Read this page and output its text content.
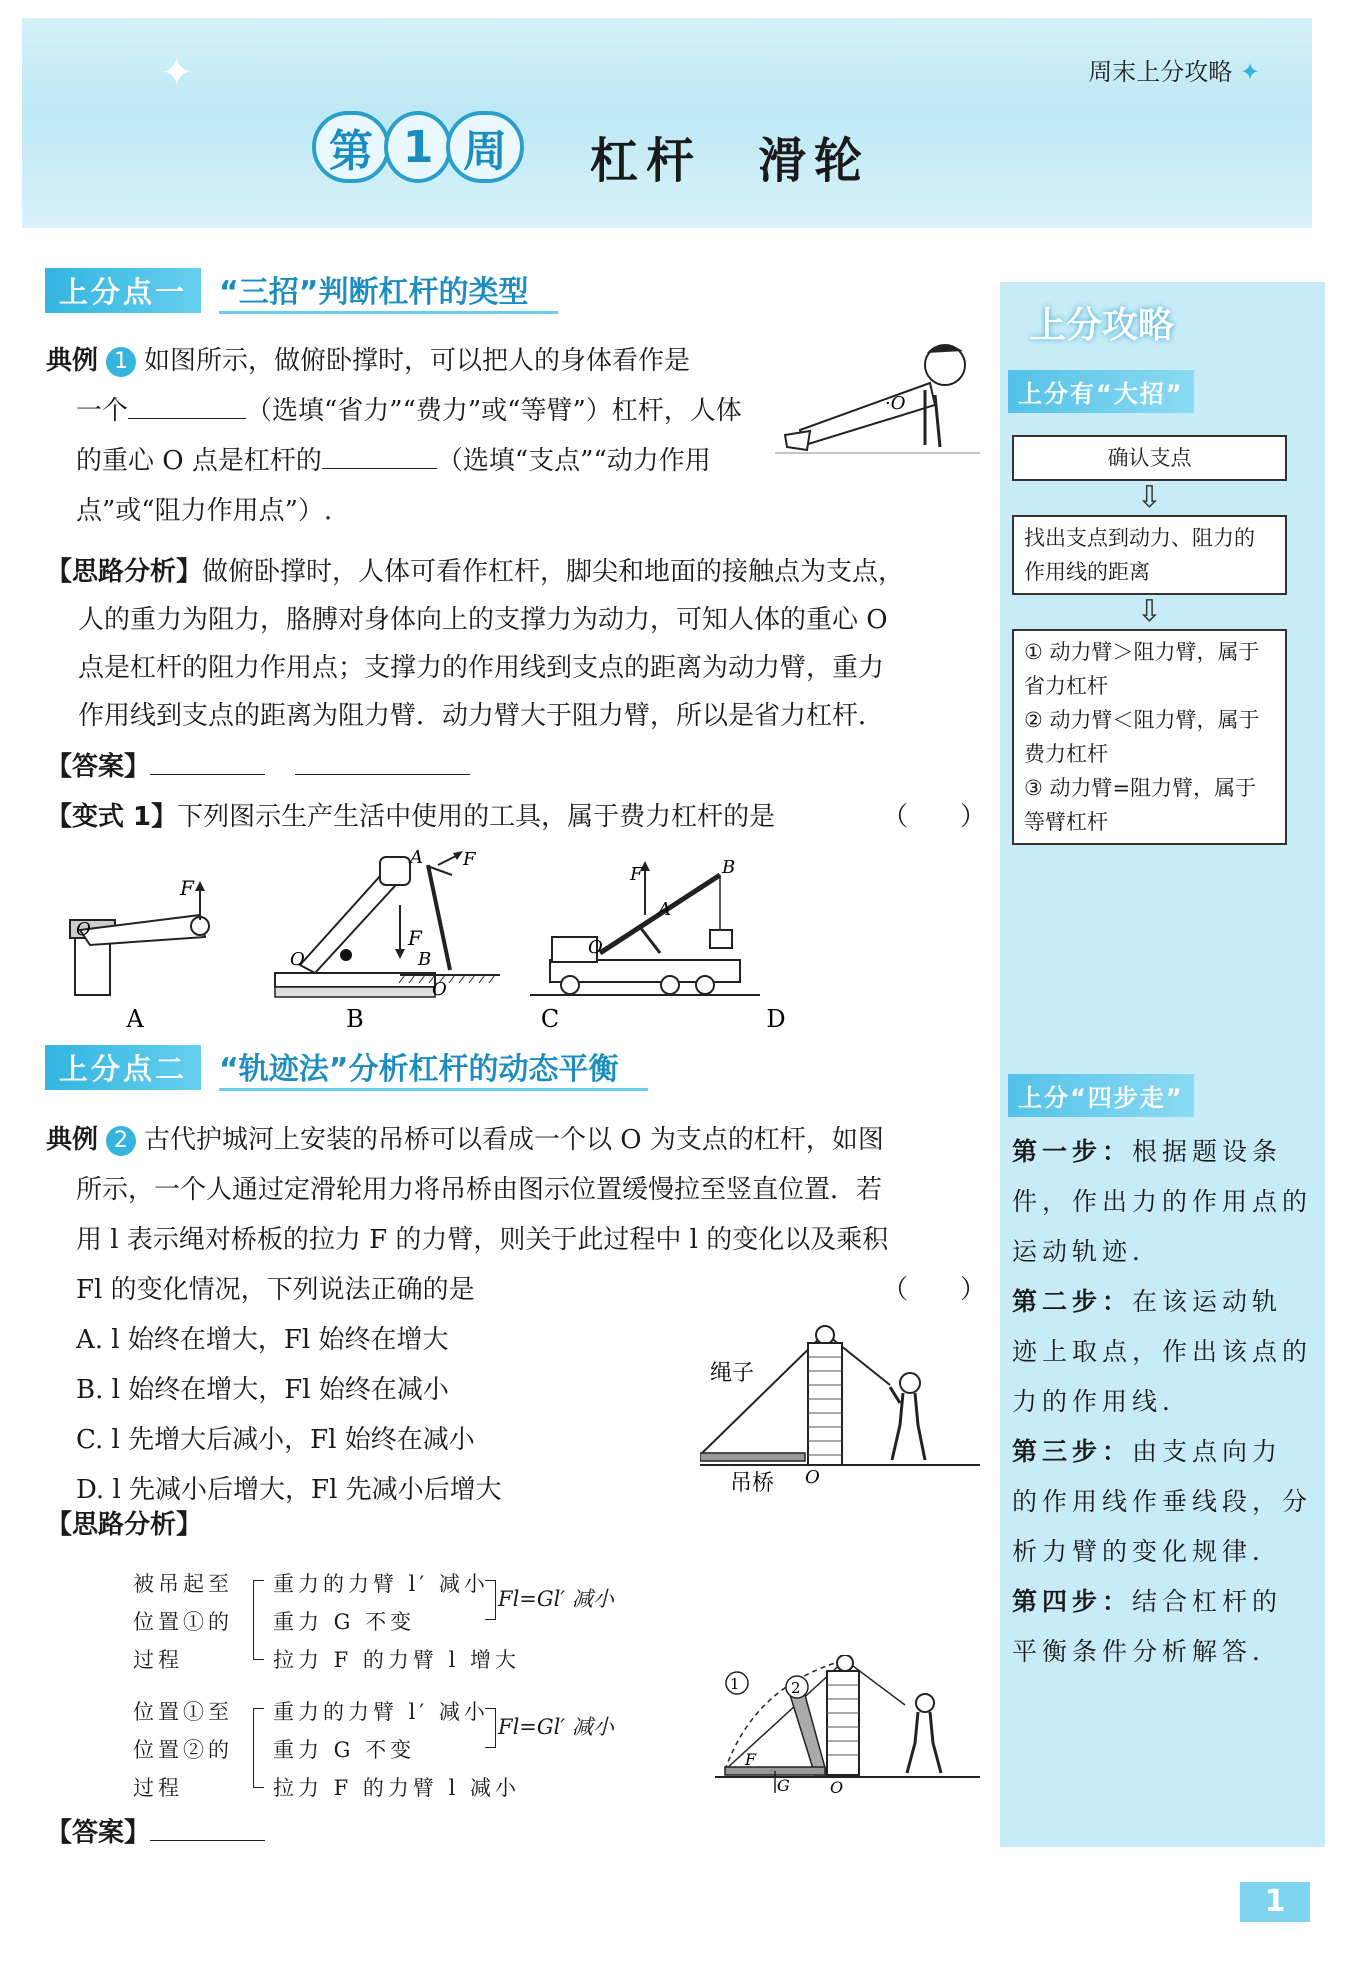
✦	周末上分攻略 ✦
第 1 周	杠杆　滑轮
上分点一	“三招”判断杠杆的类型
典例 1 如图所示，做俯卧撑时，可以把人的身体看作是
一个	（选填“省力”“费力”或“等臂”）杠杆，人体
的重心 O 点是杠杆的	（选填“支点”“动力作用
点”或“阻力作用点”）.
·O
【思路分析】做俯卧撑时，人体可看作杠杆，脚尖和地面的接触点为支点，
人的重力为阻力，胳膊对身体向上的支撑力为动力，可知人体的重心 O
点是杠杆的阻力作用点；支撑力的作用线到支点的距离为动力臂，重力
作用线到支点的距离为阻力臂．动力臂大于阻力臂，所以是省力杠杆．
【答案】
【变式 1】下列图示生产生活中使用的工具，属于费力杠杆的是	（　　）
F
O	F
O
A F
B
O
F	B
A
O
A	B	C	D
上分点二	“轨迹法”分析杠杆的动态平衡
典例 2 古代护城河上安装的吊桥可以看成一个以 O 为支点的杠杆，如图
所示，一个人通过定滑轮用力将吊桥由图示位置缓慢拉至竖直位置．若
用 l 表示绳对桥板的拉力 F 的力臂，则关于此过程中 l 的变化以及乘积
Fl 的变化情况，下列说法正确的是	（　　）
A. l 始终在增大，Fl 始终在增大
B. l 始终在增大，Fl 始终在减小
C. l 先增大后减小，Fl 始终在减小
D. l 先减小后增大，Fl 先减小后增大
绳子
吊桥 O
【思路分析】
被吊起至
位置①的
过程
重力的力臂 l′ 减小
重力 G 不变
拉力 F 的力臂 l 增大
Fl=Gl′ 减小
位置①至
位置②的
过程
重力的力臂 l′ 减小
重力 G 不变
拉力 F 的力臂 l 减小
Fl=Gl′ 减小
1	2
F
G	O
【答案】
上分攻略
上分有“大招”
确认支点
⇩
找出支点到动力、阻力的作用线的距离
⇩
① 动力臂＞阻力臂，属于省力杠杆
② 动力臂＜阻力臂，属于费力杠杆
③ 动力臂=阻力臂，属于等臂杠杆
上分“四步走”
第一步：根据题设条件，作出力的作用点的运动轨迹．
第二步：在该运动轨迹上取点，作出该点的力的作用线．
第三步：由支点向力的作用线作垂线段，分析力臂的变化规律．
第四步：结合杠杆的平衡条件分析解答．
1
